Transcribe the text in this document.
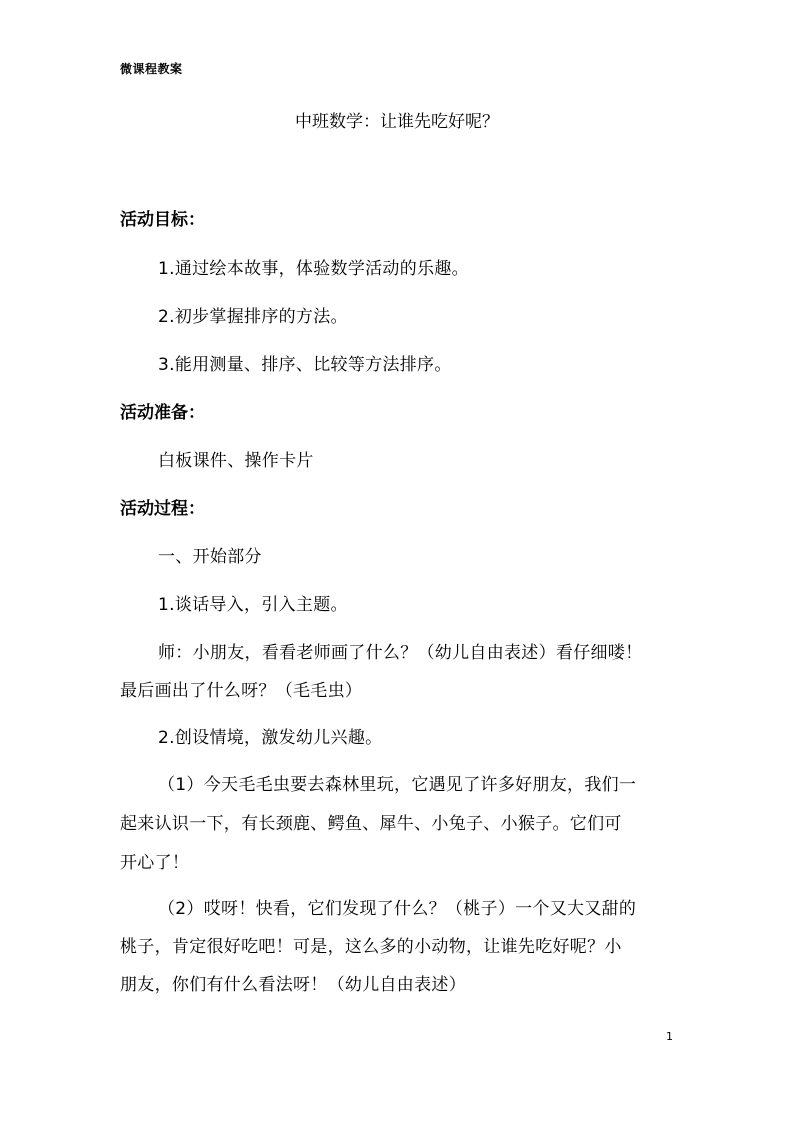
微课程教案
中班数学：让谁先吃好呢？
活动目标：
1.通过绘本故事，体验数学活动的乐趣。
2.初步掌握排序的方法。
3.能用测量、排序、比较等方法排序。
活动准备：
白板课件、操作卡片
活动过程：
一、开始部分
1.谈话导入，引入主题。
师：小朋友，看看老师画了什么？（幼儿自由表述）看仔细喽！
最后画出了什么呀？（毛毛虫）
2.创设情境，激发幼儿兴趣。
（1）今天毛毛虫要去森林里玩，它遇见了许多好朋友，我们一
起来认识一下，有长颈鹿、鳄鱼、犀牛、小兔子、小猴子。它们可
开心了！
（2）哎呀！快看，它们发现了什么？（桃子）一个又大又甜的
桃子，肯定很好吃吧！可是，这么多的小动物，让谁先吃好呢？小
朋友，你们有什么看法呀！（幼儿自由表述）
1
